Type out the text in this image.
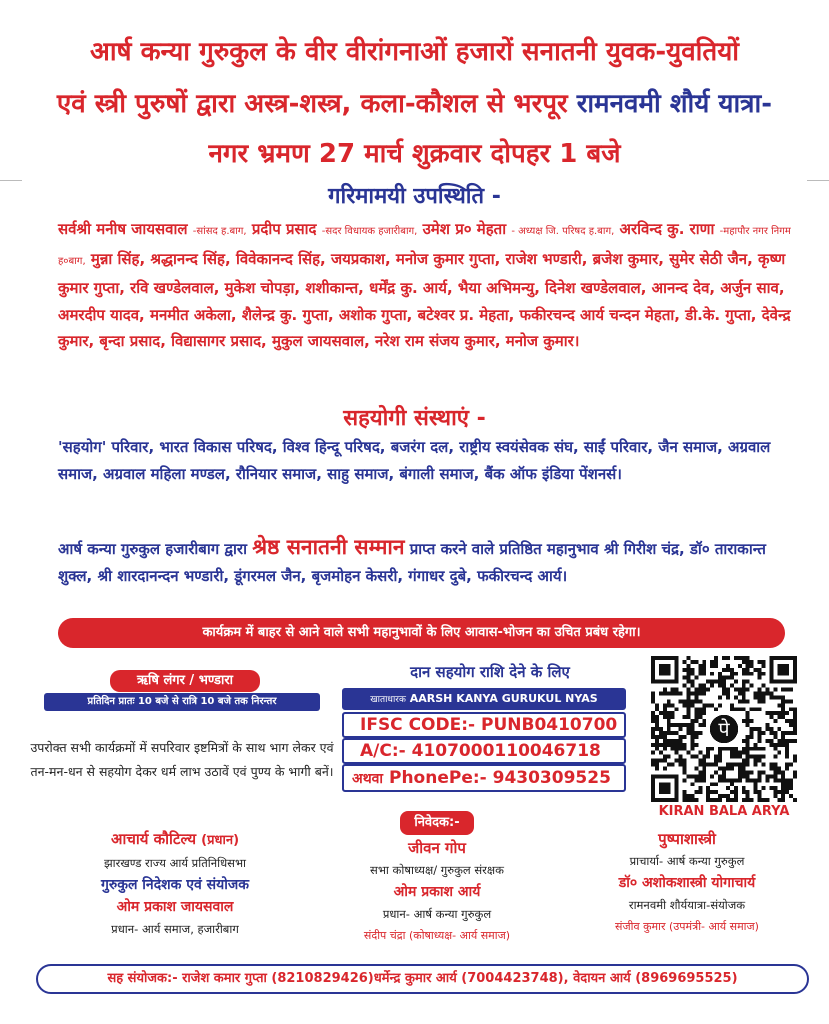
आर्ष कन्या गुरुकुल के वीर वीरांगनाओं हजारों सनातनी युवक-युवतियों
एवं स्त्री पुरुषों द्वारा अस्त्र-शस्त्र, कला-कौशल से भरपूर रामनवमी शौर्य यात्रा-
नगर भ्रमण 27 मार्च शुक्रवार दोपहर 1 बजे
गरिमामयी उपस्थिति -
सर्वश्री मनीष जायसवाल -सांसद ह.बाग, प्रदीप प्रसाद -सदर विधायक हजारीबाग, उमेश प्र० मेहता - अध्यक्ष जि. परिषद ह.बाग, अरविन्द कु. राणा -महापौर नगर निगम ह०बाग, मुन्ना सिंह, श्रद्धानन्द सिंह, विवेकानन्द सिंह, जयप्रकाश, मनोज कुमार गुप्ता, राजेश भण्डारी, ब्रजेश कुमार, सुमेर सेठी जैन, कृष्ण कुमार गुप्ता, रवि खण्डेलवाल, मुकेश चोपड़ा, शशीकान्त, धर्मेंद्र कु. आर्य, भैया अभिमन्यु, दिनेश खण्डेलवाल, आनन्द देव, अर्जुन साव, अमरदीप यादव, मनमीत अकेला, शैलेन्द्र कु. गुप्ता, अशोक गुप्ता, बटेश्वर प्र. मेहता, फकीरचन्द आर्य चन्दन मेहता, डी.के. गुप्ता, देवेन्द्र कुमार, बृन्दा प्रसाद, विद्यासागर प्रसाद, मुकुल जायसवाल, नरेश राम संजय कुमार, मनोज कुमार।
सहयोगी संस्थाएं -
'सहयोग' परिवार, भारत विकास परिषद, विश्व हिन्दू परिषद, बजरंग दल, राष्ट्रीय स्वयंसेवक संघ, साईं परिवार, जैन समाज, अग्रवाल समाज, अग्रवाल महिला मण्डल, रौनियार समाज, साहु समाज, बंगाली समाज, बैंक ऑफ इंडिया पेंशनर्स।
आर्ष कन्या गुरुकुल हजारीबाग द्वारा श्रेष्ठ सनातनी सम्मान प्राप्त करने वाले प्रतिष्ठित महानुभाव श्री गिरीश चंद्र, डॉ० ताराकान्त शुक्ल, श्री शारदानन्दन भण्डारी, डूंगरमल जैन, बृजमोहन केसरी, गंगाधर दुबे, फकीरचन्द आर्य।
कार्यक्रम में बाहर से आने वाले सभी महानुभावों के लिए आवास-भोजन का उचित प्रबंध रहेगा।
ऋषि लंगर / भण्डारा
प्रतिदिन प्रातः 10 बजे से रात्रि 10 बजे तक निरन्तर
उपरोक्त सभी कार्यक्रमों में सपरिवार इष्टमित्रों के साथ भाग लेकर एवं तन-मन-धन से सहयोग देकर धर्म लाभ उठावें एवं पुण्य के भागी बनें।
दान सहयोग राशि देने के लिए
खाताधारक AARSH KANYA GURUKUL NYAS
IFSC CODE:- PUNB0410700
A/C:- 4107000110046718
अथवा PhonePe:- 9430309525
पे
KIRAN BALA ARYA
आचार्य कौटिल्य (प्रधान)
झारखण्ड राज्य आर्य प्रतिनिधिसभा
गुरुकुल निदेशक एवं संयोजक
ओम प्रकाश जायसवाल
प्रधान- आर्य समाज, हजारीबाग
निवेदक:-
जीवन गोप
सभा कोषाध्यक्ष/ गुरुकुल संरक्षक
ओम प्रकाश आर्य
प्रधान- आर्ष कन्या गुरुकुल
संदीप चंद्रा (कोषाध्यक्ष- आर्य समाज)
पुष्पाशास्त्री
प्राचार्या- आर्ष कन्या गुरुकुल
डॉ० अशोकशास्त्री योगाचार्य
रामनवमी शौर्ययात्रा-संयोजक
संजीव कुमार (उपमंत्री- आर्य समाज)
सह संयोजक:- राजेश कमार गुप्ता (8210829426)धर्मेन्द्र कुमार आर्य (7004423748), वेदायन आर्य (8969695525)
